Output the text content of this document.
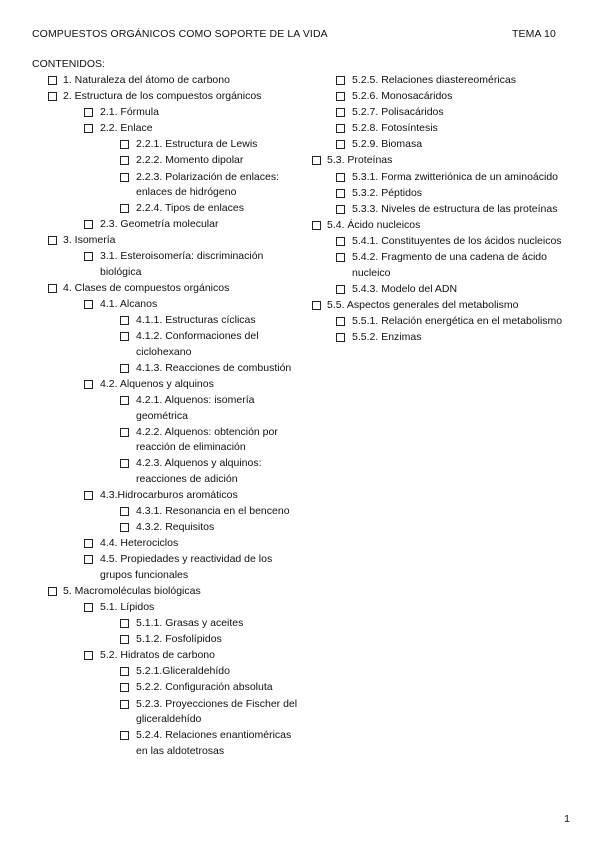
COMPUESTOS ORGÁNICOS COMO SOPORTE DE LA VIDA	TEMA 10
CONTENIDOS:
1. Naturaleza del átomo de carbono
2. Estructura de los compuestos orgánicos
2.1. Fórmula
2.2. Enlace
2.2.1. Estructura de Lewis
2.2.2. Momento dipolar
2.2.3. Polarización de enlaces: enlaces de hidrógeno
2.2.4. Tipos de enlaces
2.3. Geometría molecular
3. Isomería
3.1. Esteroisomería: discriminación biológica
4. Clases de compuestos orgánicos
4.1. Alcanos
4.1.1. Estructuras cíclicas
4.1.2. Conformaciones del ciclohexano
4.1.3. Reacciones de combustión
4.2. Alquenos y alquinos
4.2.1. Alquenos: isomería geométrica
4.2.2. Alquenos: obtención por reacción de eliminación
4.2.3. Alquenos y alquinos: reacciones de adición
4.3.Hidrocarburos aromáticos
4.3.1. Resonancia en el benceno
4.3.2. Requisitos
4.4. Heterociclos
4.5. Propiedades y reactividad de los grupos funcionales
5. Macromoléculas biológicas
5.1. Lípidos
5.1.1. Grasas y aceites
5.1.2. Fosfolípidos
5.2. Hidratos de carbono
5.2.1.Gliceraldehído
5.2.2. Configuración absoluta
5.2.3. Proyecciones de Fischer del gliceraldehído
5.2.4. Relaciones enantioméricas en las aldotetrosas
5.2.5. Relaciones diastereoméricas
5.2.6. Monosacáridos
5.2.7. Polisacáridos
5.2.8. Fotosíntesis
5.2.9. Biomasa
5.3. Proteínas
5.3.1. Forma zwitteriónica de un aminoácido
5.3.2. Péptidos
5.3.3. Niveles de estructura de las proteínas
5.4. Ácido nucleicos
5.4.1. Constituyentes de los ácidos nucleicos
5.4.2. Fragmento de una cadena de ácido nucleico
5.4.3. Modelo del ADN
5.5. Aspectos generales del metabolismo
5.5.1. Relación energética en el metabolismo
5.5.2. Enzimas
1
